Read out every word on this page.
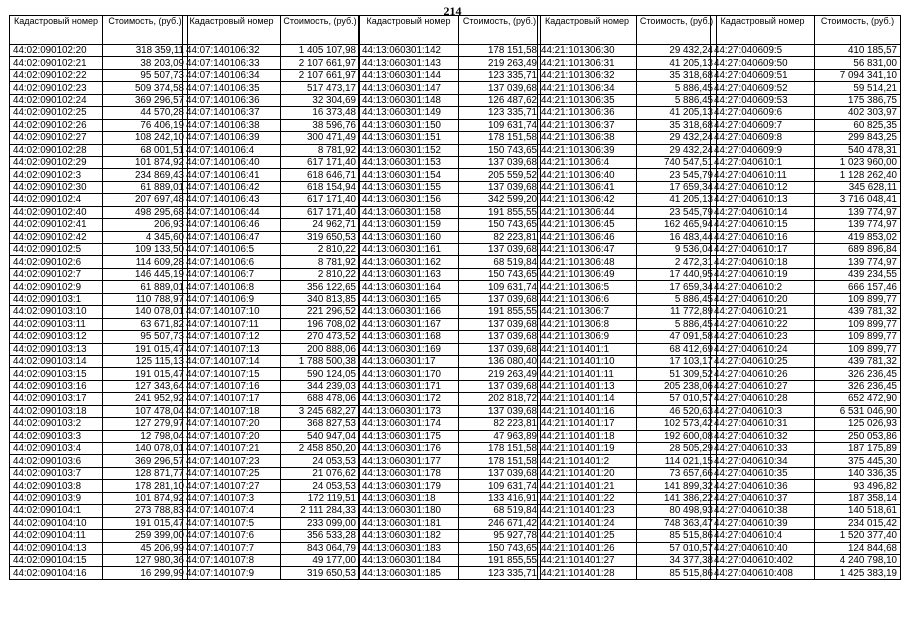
214
Кадастровый номер	Стоимость, (руб.)
44:02:090102:20	318 359,11
44:02:090102:21	38 203,09
44:02:090102:22	95 507,73
44:02:090102:23	509 374,58
44:02:090102:24	369 296,57
44:02:090102:25	44 570,28
44:02:090102:26	76 406,19
44:02:090102:27	108 242,10
44:02:090102:28	68 001,51
44:02:090102:29	101 874,92
44:02:090102:3	234 869,43
44:02:090102:30	61 889,01
44:02:090102:4	207 697,48
44:02:090102:40	498 295,68
44:02:090102:41	206,93
44:02:090102:42	4 345,60
44:02:090102:5	109 133,50
44:02:090102:6	114 609,28
44:02:090102:7	146 445,19
44:02:090102:9	61 889,01
44:02:090103:1	110 788,97
44:02:090103:10	140 078,01
44:02:090103:11	63 671,82
44:02:090103:12	95 507,73
44:02:090103:13	191 015,47
44:02:090103:14	125 115,13
44:02:090103:15	191 015,47
44:02:090103:16	127 343,64
44:02:090103:17	241 952,92
44:02:090103:18	107 478,04
44:02:090103:2	127 279,97
44:02:090103:3	12 798,04
44:02:090103:4	140 078,01
44:02:090103:6	369 296,57
44:02:090103:7	128 871,77
44:02:090103:8	178 281,10
44:02:090103:9	101 874,92
44:02:090104:1	273 788,83
44:02:090104:10	191 015,47
44:02:090104:11	259 399,00
44:02:090104:13	45 206,99
44:02:090104:15	127 980,36
44:02:090104:16	16 299,99
Кадастровый номер	Стоимость, (руб.)
44:07:140106:32	1 405 107,98
44:07:140106:33	2 107 661,97
44:07:140106:34	2 107 661,97
44:07:140106:35	517 473,17
44:07:140106:36	32 304,69
44:07:140106:37	16 373,48
44:07:140106:38	38 596,76
44:07:140106:39	300 471,49
44:07:140106:4	8 781,92
44:07:140106:40	617 171,40
44:07:140106:41	618 646,71
44:07:140106:42	618 154,94
44:07:140106:43	617 171,40
44:07:140106:44	617 171,40
44:07:140106:46	24 962,71
44:07:140106:47	319 650,53
44:07:140106:5	2 810,22
44:07:140106:6	8 781,92
44:07:140106:7	2 810,22
44:07:140106:8	356 122,65
44:07:140106:9	340 813,85
44:07:140107:10	221 296,52
44:07:140107:11	196 708,02
44:07:140107:12	270 473,52
44:07:140107:13	200 888,06
44:07:140107:14	1 788 500,38
44:07:140107:15	590 124,05
44:07:140107:16	344 239,03
44:07:140107:17	688 478,06
44:07:140107:18	3 245 682,27
44:07:140107:20	368 827,53
44:07:140107:20	540 947,04
44:07:140107:21	2 458 850,20
44:07:140107:23	24 053,53
44:07:140107:25	21 076,62
44:07:140107:27	24 053,53
44:07:140107:3	172 119,51
44:07:140107:4	2 111 284,33
44:07:140107:5	233 099,00
44:07:140107:6	356 533,28
44:07:140107:7	843 064,79
44:07:140107:8	49 177,00
44:07:140107:9	319 650,53
Кадастровый номер	Стоимость, (руб.)
44:13:060301:142	178 151,58
44:13:060301:143	219 263,49
44:13:060301:144	123 335,71
44:13:060301:147	137 039,68
44:13:060301:148	126 487,62
44:13:060301:149	123 335,71
44:13:060301:150	109 631,74
44:13:060301:151	178 151,58
44:13:060301:152	150 743,65
44:13:060301:153	137 039,68
44:13:060301:154	205 559,52
44:13:060301:155	137 039,68
44:13:060301:156	342 599,20
44:13:060301:158	191 855,55
44:13:060301:159	150 743,65
44:13:060301:160	82 223,81
44:13:060301:161	137 039,68
44:13:060301:162	68 519,84
44:13:060301:163	150 743,65
44:13:060301:164	109 631,74
44:13:060301:165	137 039,68
44:13:060301:166	191 855,55
44:13:060301:167	137 039,68
44:13:060301:168	137 039,68
44:13:060301:169	137 039,68
44:13:060301:17	136 080,40
44:13:060301:170	219 263,49
44:13:060301:171	137 039,68
44:13:060301:172	202 818,72
44:13:060301:173	137 039,68
44:13:060301:174	82 223,81
44:13:060301:175	47 963,89
44:13:060301:176	178 151,58
44:13:060301:177	178 151,58
44:13:060301:178	137 039,68
44:13:060301:179	109 631,74
44:13:060301:18	133 416,91
44:13:060301:180	68 519,84
44:13:060301:181	246 671,42
44:13:060301:182	95 927,78
44:13:060301:183	150 743,65
44:13:060301:184	191 855,55
44:13:060301:185	123 335,71
Кадастровый номер	Стоимость, (руб.)
44:21:101306:30	29 432,24
44:21:101306:31	41 205,13
44:21:101306:32	35 318,68
44:21:101306:34	5 886,45
44:21:101306:35	5 886,45
44:21:101306:36	41 205,13
44:21:101306:37	35 318,68
44:21:101306:38	29 432,24
44:21:101306:39	29 432,24
44:21:101306:4	740 547,51
44:21:101306:40	23 545,79
44:21:101306:41	17 659,34
44:21:101306:42	41 205,13
44:21:101306:44	23 545,79
44:21:101306:45	162 465,94
44:21:101306:46	16 483,44
44:21:101306:47	9 536,04
44:21:101306:48	2 472,31
44:21:101306:49	17 440,95
44:21:101306:5	17 659,34
44:21:101306:6	5 886,45
44:21:101306:7	11 772,89
44:21:101306:8	5 886,45
44:21:101306:9	47 091,58
44:21:101401:1	68 412,69
44:21:101401:10	17 103,17
44:21:101401:11	51 309,52
44:21:101401:13	205 238,06
44:21:101401:14	57 010,57
44:21:101401:16	46 520,63
44:21:101401:17	102 573,42
44:21:101401:18	192 600,08
44:21:101401:19	28 505,29
44:21:101401:2	114 021,15
44:21:101401:20	73 657,66
44:21:101401:21	141 899,32
44:21:101401:22	141 386,22
44:21:101401:23	80 498,93
44:21:101401:24	748 363,47
44:21:101401:25	85 515,86
44:21:101401:26	57 010,57
44:21:101401:27	34 377,38
44:21:101401:28	85 515,86
Кадастровый номер	Стоимость, (руб.)
44:27:040609:5	410 185,57
44:27:040609:50	56 831,00
44:27:040609:51	7 094 341,10
44:27:040609:52	59 514,21
44:27:040609:53	175 386,75
44:27:040609:6	402 303,97
44:27:040609:7	60 825,35
44:27:040609:8	299 843,25
44:27:040609:9	540 478,31
44:27:040610:1	1 023 960,00
44:27:040610:11	1 128 262,40
44:27:040610:12	345 628,11
44:27:040610:13	3 716 048,41
44:27:040610:14	139 774,97
44:27:040610:15	139 774,97
44:27:040610:16	419 853,02
44:27:040610:17	689 896,84
44:27:040610:18	139 774,97
44:27:040610:19	439 234,55
44:27:040610:2	666 157,46
44:27:040610:20	109 899,77
44:27:040610:21	439 781,32
44:27:040610:22	109 899,77
44:27:040610:23	109 899,77
44:27:040610:24	109 899,77
44:27:040610:25	439 781,32
44:27:040610:26	326 236,45
44:27:040610:27	326 236,45
44:27:040610:28	652 472,90
44:27:040610:3	6 531 046,90
44:27:040610:31	125 026,93
44:27:040610:32	250 053,86
44:27:040610:33	187 175,89
44:27:040610:34	375 445,30
44:27:040610:35	140 336,35
44:27:040610:36	93 496,82
44:27:040610:37	187 358,14
44:27:040610:38	140 518,61
44:27:040610:39	234 015,42
44:27:040610:4	1 520 377,40
44:27:040610:40	124 844,68
44:27:040610:402	4 240 798,10
44:27:040610:408	1 425 383,19
